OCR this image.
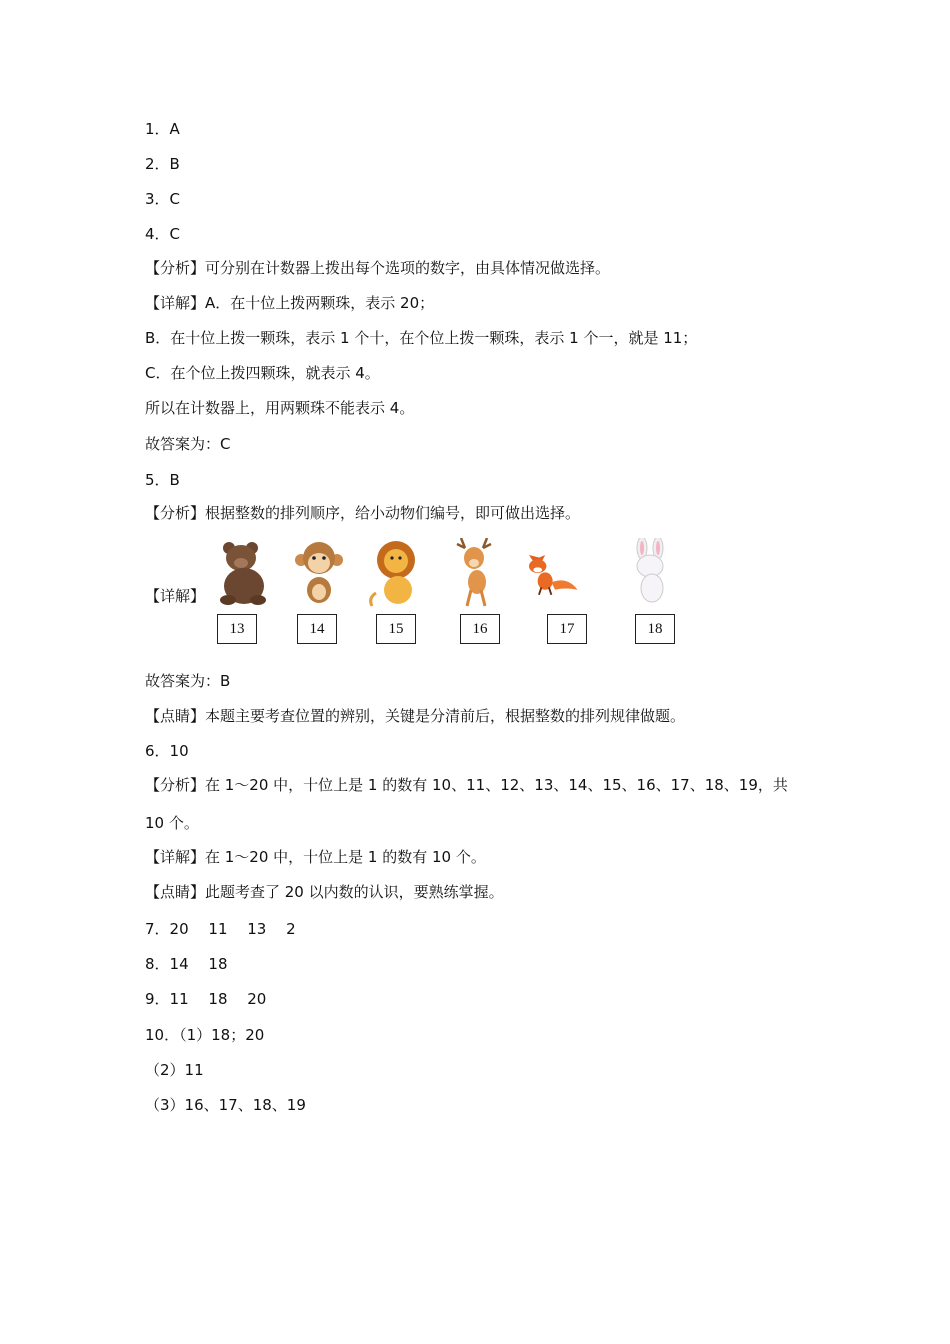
1．A
2．B
3．C
4．C
【分析】可分别在计数器上拨出每个选项的数字，由具体情况做选择。
【详解】A．在十位上拨两颗珠，表示 20；
B．在十位上拨一颗珠，表示 1 个十，在个位上拨一颗珠，表示 1 个一，就是 11；
C．在个位上拨四颗珠，就表示 4。
所以在计数器上，用两颗珠不能表示 4。
故答案为：C
5．B
【分析】根据整数的排列顺序，给小动物们编号，即可做出选择。
【详解】
13	14	15	16	17	18
故答案为：B
【点睛】本题主要考查位置的辨别，关键是分清前后，根据整数的排列规律做题。
6．10
【分析】在 1～20 中，十位上是 1 的数有 10、11、12、13、14、15、16、17、18、19，共
10 个。
【详解】在 1～20 中，十位上是 1 的数有 10 个。
【点睛】此题考查了 20 以内数的认识，要熟练掌握。
7．20　 11　 13　 2
8．14　 18
9．11　 18　 20
10．（1）18；20
（2）11
（3）16、17、18、19
